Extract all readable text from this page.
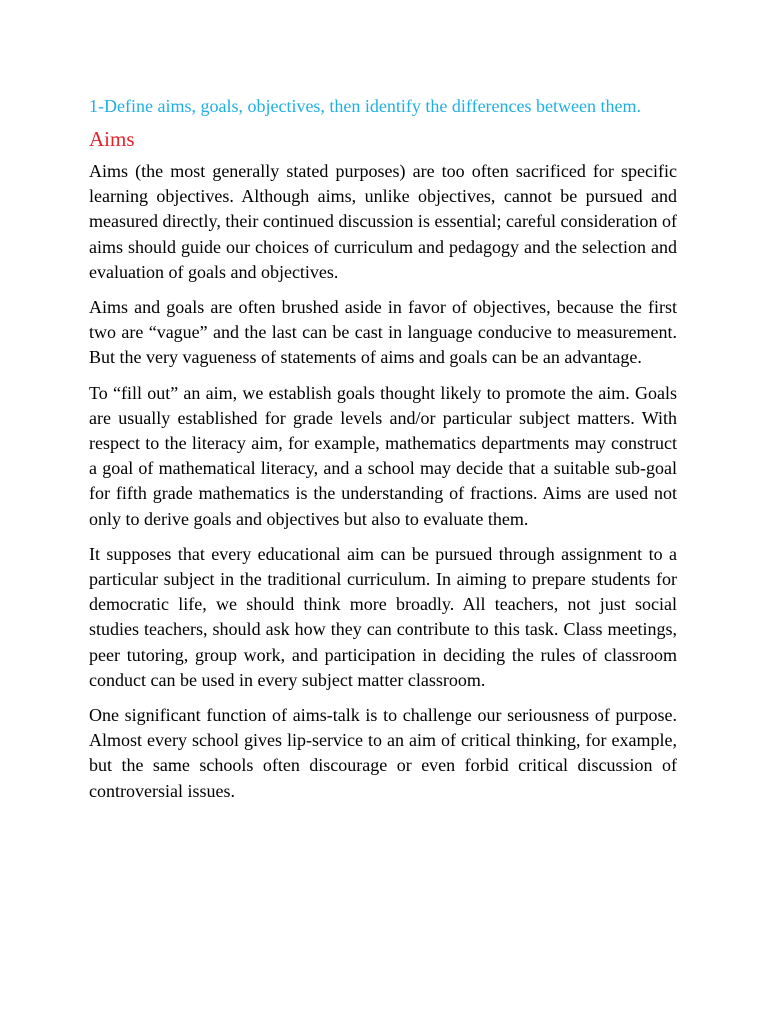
1-Define aims, goals, objectives, then identify the differences between them.

Aims

Aims (the most generally stated purposes) are too often sacrificed for specific learning objectives. Although aims, unlike objectives, cannot be pursued and measured directly, their continued discussion is essential; careful consideration of aims should guide our choices of curriculum and pedagogy and the selection and evaluation of goals and objectives.

Aims and goals are often brushed aside in favor of objectives, because the first two are “vague” and the last can be cast in language conducive to measurement. But the very vagueness of statements of aims and goals can be an advantage.

To “fill out” an aim, we establish goals thought likely to promote the aim. Goals are usually established for grade levels and/or particular subject matters. With respect to the literacy aim, for example, mathematics departments may construct a goal of mathematical literacy, and a school may decide that a suitable sub-goal for fifth grade mathematics is the understanding of fractions. Aims are used not only to derive goals and objectives but also to evaluate them.

It supposes that every educational aim can be pursued through assignment to a particular subject in the traditional curriculum. In aiming to prepare students for democratic life, we should think more broadly. All teachers, not just social studies teachers, should ask how they can contribute to this task. Class meetings, peer tutoring, group work, and participation in deciding the rules of classroom conduct can be used in every subject matter classroom.

One significant function of aims-talk is to challenge our seriousness of purpose. Almost every school gives lip-service to an aim of critical thinking, for example, but the same schools often discourage or even forbid critical discussion of controversial issues.
